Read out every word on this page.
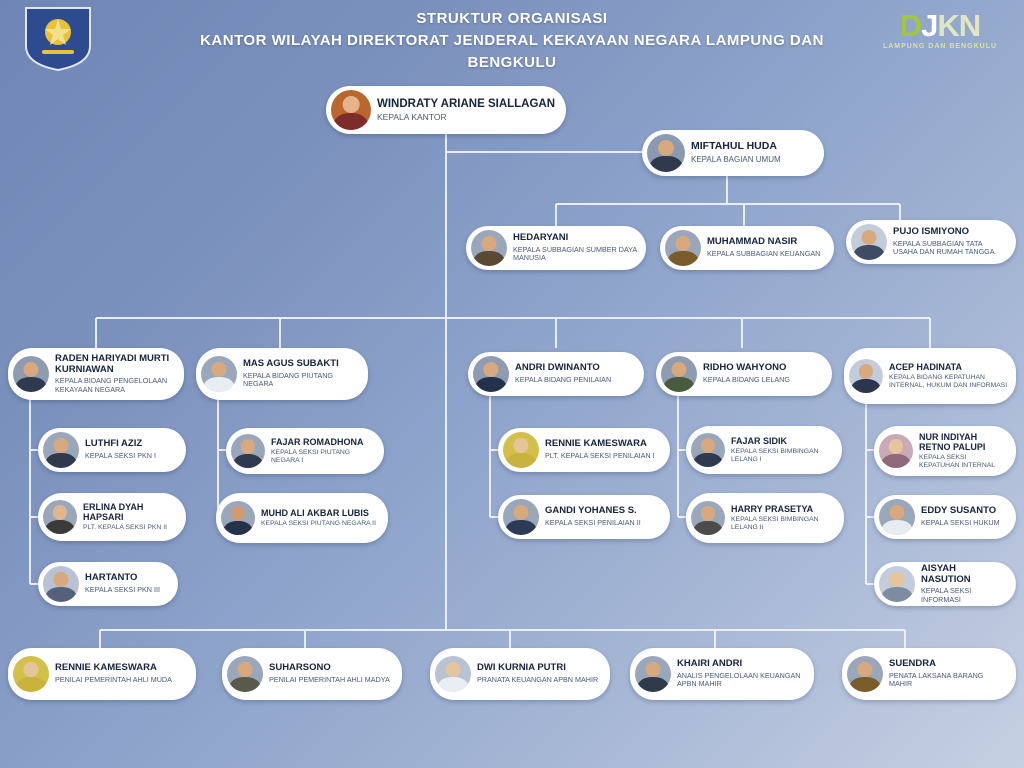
STRUKTUR ORGANISASI
KANTOR WILAYAH DIREKTORAT JENDERAL KEKAYAAN NEGARA LAMPUNG DAN
BENGKULU
DJKN
LAMPUNG DAN BENGKULU
WINDRATY ARIANE SIALLAGAN
KEPALA KANTOR
MIFTAHUL HUDA
KEPALA BAGIAN UMUM
HEDARYANI
KEPALA SUBBAGIAN SUMBER DAYA MANUSIA
MUHAMMAD NASIR
KEPALA SUBBAGIAN KEUANGAN
PUJO ISMIYONO
KEPALA SUBBAGIAN TATA USAHA DAN RUMAH TANGGA
RADEN HARIYADI MURTI KURNIAWAN
KEPALA BIDANG PENGELOLAAN KEKAYAAN NEGARA
MAS AGUS SUBAKTI
KEPALA BIDANG PIUTANG NEGARA
ANDRI DWINANTO
KEPALA BIDANG PENILAIAN
RIDHO WAHYONO
KEPALA BIDANG LELANG
ACEP HADINATA
KEPALA BIDANG KEPATUHAN INTERNAL, HUKUM DAN INFORMASI
LUTHFI AZIZ
KEPALA SEKSI PKN I
ERLINA DYAH HAPSARI
PLT. KEPALA SEKSI PKN II
HARTANTO
KEPALA SEKSI PKN III
FAJAR ROMADHONA
KEPALA SEKSI PIUTANG NEGARA I
MUHD ALI AKBAR LUBIS
KEPALA SEKSI PIUTANG NEGARA II
RENNIE KAMESWARA
PLT. KEPALA SEKSI PENILAIAN I
GANDI YOHANES S.
KEPALA SEKSI PENILAIAN II
FAJAR SIDIK
KEPALA SEKSI BIMBINGAN LELANG I
HARRY PRASETYA
KEPALA SEKSI BIMBINGAN LELANG II
NUR INDIYAH RETNO PALUPI
KEPALA SEKSI KEPATUHAN INTERNAL
EDDY SUSANTO
KEPALA SEKSI HUKUM
AISYAH NASUTION
KEPALA SEKSI INFORMASI
RENNIE KAMESWARA
PENILAI PEMERINTAH AHLI MUDA
SUHARSONO
PENILAI PEMERINTAH AHLI MADYA
DWI KURNIA PUTRI
PRANATA KEUANGAN APBN MAHIR
KHAIRI ANDRI
ANALIS PENGELOLAAN KEUANGAN APBN MAHIR
SUENDRA
PENATA LAKSANA BARANG MAHIR
